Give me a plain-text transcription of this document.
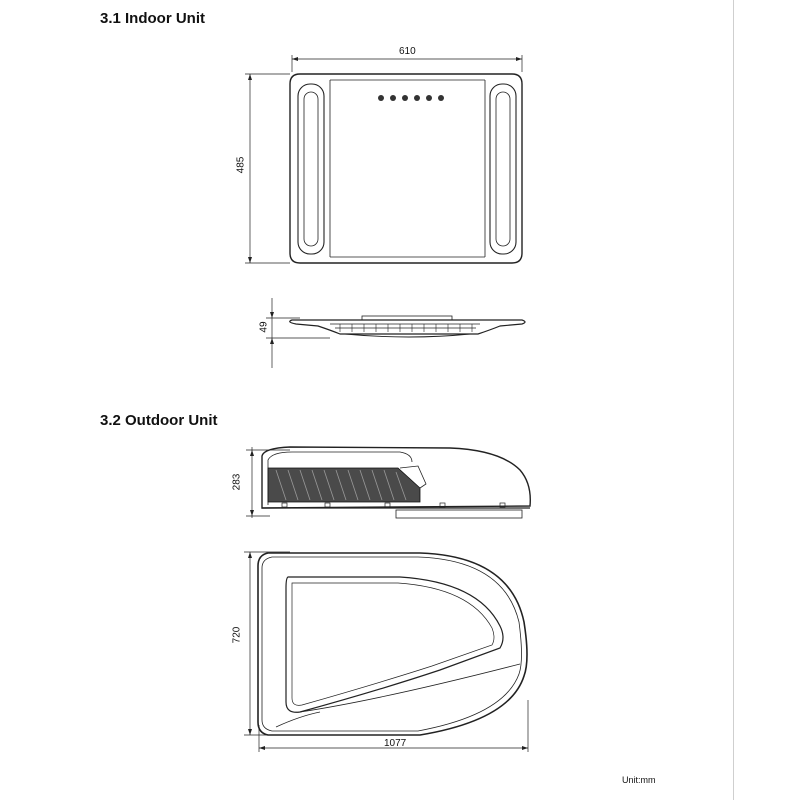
3.1 Indoor Unit
3.2 Outdoor Unit
610
485
49
283
720
1077
Unit:mm
